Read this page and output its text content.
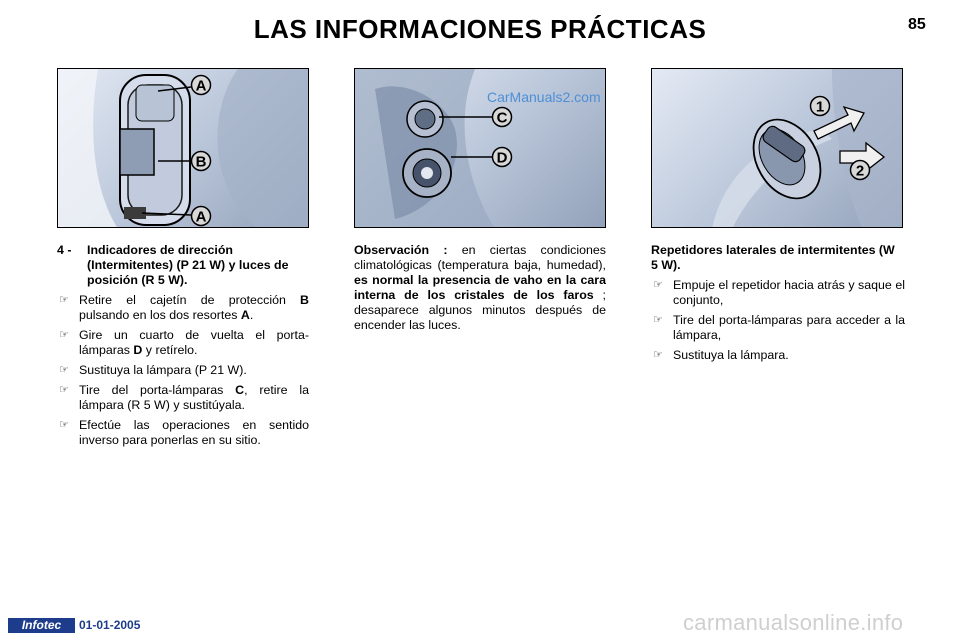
LAS INFORMACIONES PRÁCTICAS	85
A
B
A
C
D
CarManuals2.com
1
2
4 -	Indicadores de dirección (Intermitentes) (P 21 W) y luces de posición (R 5 W).
☞ Retire el cajetín de protección B pulsando en los dos resortes A.
☞ Gire un cuarto de vuelta el porta-lámparas D y retírelo.
☞ Sustituya la lámpara (P 21 W).
☞ Tire del porta-lámparas C, retire la lámpara (R 5 W) y sustitúyala.
☞ Efectúe las operaciones en sentido inverso para ponerlas en su sitio.
Observación : en ciertas condiciones climatológicas (temperatura baja, humedad), es normal la presencia de vaho en la cara interna de los cristales de los faros ; desaparece algunos minutos después de encender las luces.
Repetidores laterales de intermitentes (W 5 W).
☞ Empuje el repetidor hacia atrás y saque el conjunto,
☞ Tire del porta-lámparas para acceder a la lámpara,
☞ Sustituya la lámpara.
Infotec	01-01-2005	carmanualsonline.info
